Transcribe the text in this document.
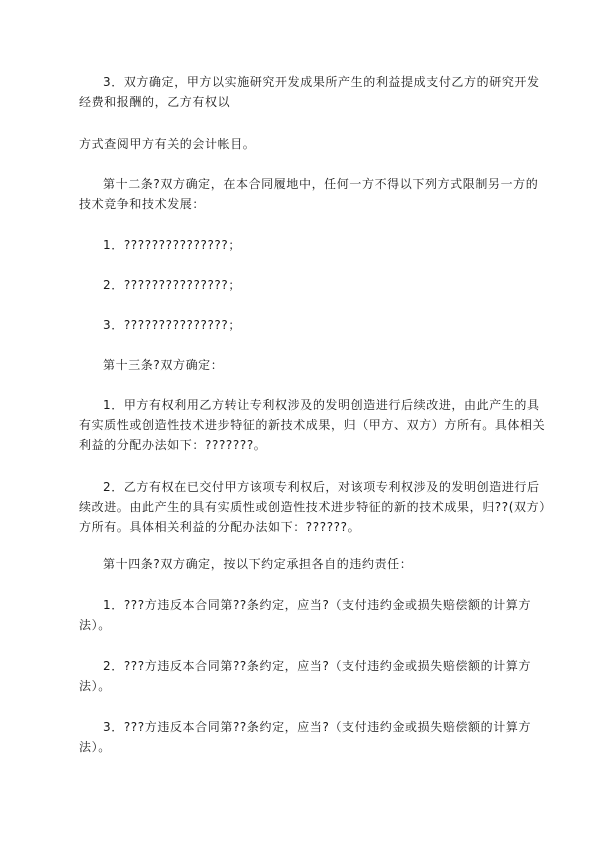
3．双方确定，甲方以实施研究开发成果所产生的利益提成支付乙方的研究开发
经费和报酬的，乙方有权以
方式查阅甲方有关的会计帐目。
第十二条?双方确定，在本合同履地中，任何一方不得以下列方式限制另一方的
技术竞争和技术发展：
1．???????????????；
2．???????????????；
3．???????????????；
第十三条?双方确定：
1．甲方有权利用乙方转让专利权涉及的发明创造进行后续改进，由此产生的具
有实质性或创造性技术进步特征的新技术成果，归（甲方、双方）方所有。具体相关
利益的分配办法如下：???????。
2．乙方有权在已交付甲方该项专利权后，对该项专利权涉及的发明创造进行后
续改进。由此产生的具有实质性或创造性技术进步特征的新的技术成果，归??(双方）
方所有。具体相关利益的分配办法如下：??????。
第十四条?双方确定，按以下约定承担各自的违约责任：
1．???方违反本合同第??条约定，应当?（支付违约金或损失赔偿额的计算方
法）。
2．???方违反本合同第??条约定，应当?（支付违约金或损失赔偿额的计算方
法）。
3．???方违反本合同第??条约定，应当?（支付违约金或损失赔偿额的计算方
法）。
